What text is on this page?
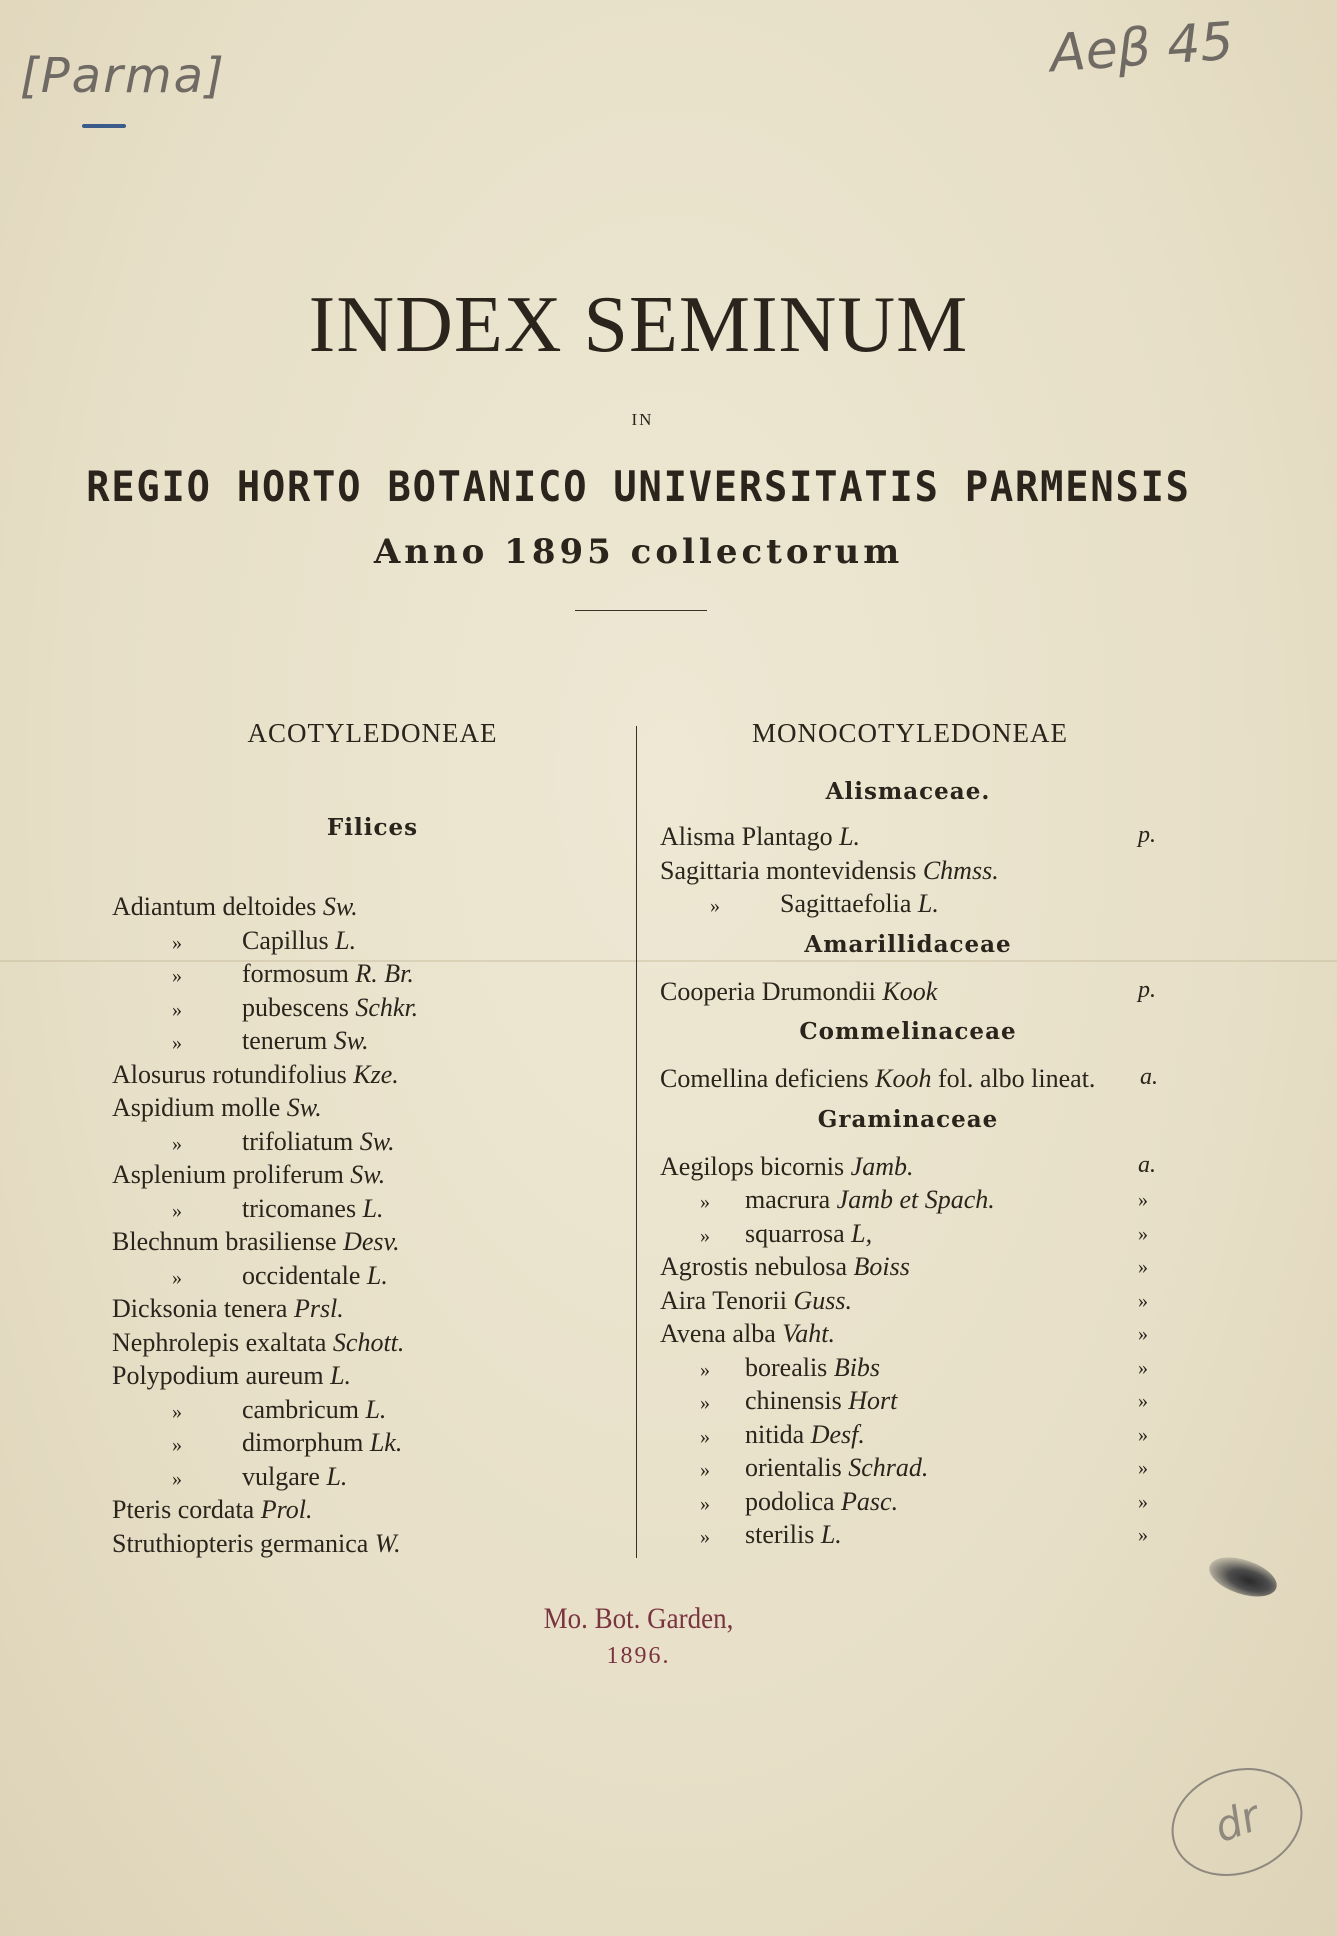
[Parma]	Aeβ 45
dr
INDEX SEMINUM
IN
REGIO HORTO BOTANICO UNIVERSITATIS PARMENSIS
Anno 1895 collectorum
ACOTYLEDONEAE
Filices
Adiantum deltoides Sw.
» Capillus L.
» formosum R. Br.
» pubescens Schkr.
» tenerum Sw.
Alosurus rotundifolius Kze.
Aspidium molle Sw.
» trifoliatum Sw.
Asplenium proliferum Sw.
» tricomanes L.
Blechnum brasiliense Desv.
» occidentale L.
Dicksonia tenera Prsl.
Nephrolepis exaltata Schott.
Polypodium aureum L.
» cambricum L.
» dimorphum Lk.
» vulgare L.
Pteris cordata Prol.
Struthiopteris germanica W.
MONOCOTYLEDONEAE
Alismaceae.
Alisma Plantago L.	p.
Sagittaria montevidensis Chmss.
» Sagittaefolia L.
Amarillidaceae
Cooperia Drumondii Kook	p.
Commelinaceae
Comellina deficiens Kooh fol. albo lineat. a.
Graminaceae
Aegilops bicornis Jamb.	a.
» macrura Jamb et Spach.	»
» squarrosa L,	»
Agrostis nebulosa Boiss	»
Aira Tenorii Guss.	»
Avena alba Vaht.	»
» borealis Bibs	»
» chinensis Hort	»
» nitida Desf.	»
» orientalis Schrad.	»
» podolica Pasc.	»
» sterilis L.	»
Mo. Bot. Garden,
1896.
